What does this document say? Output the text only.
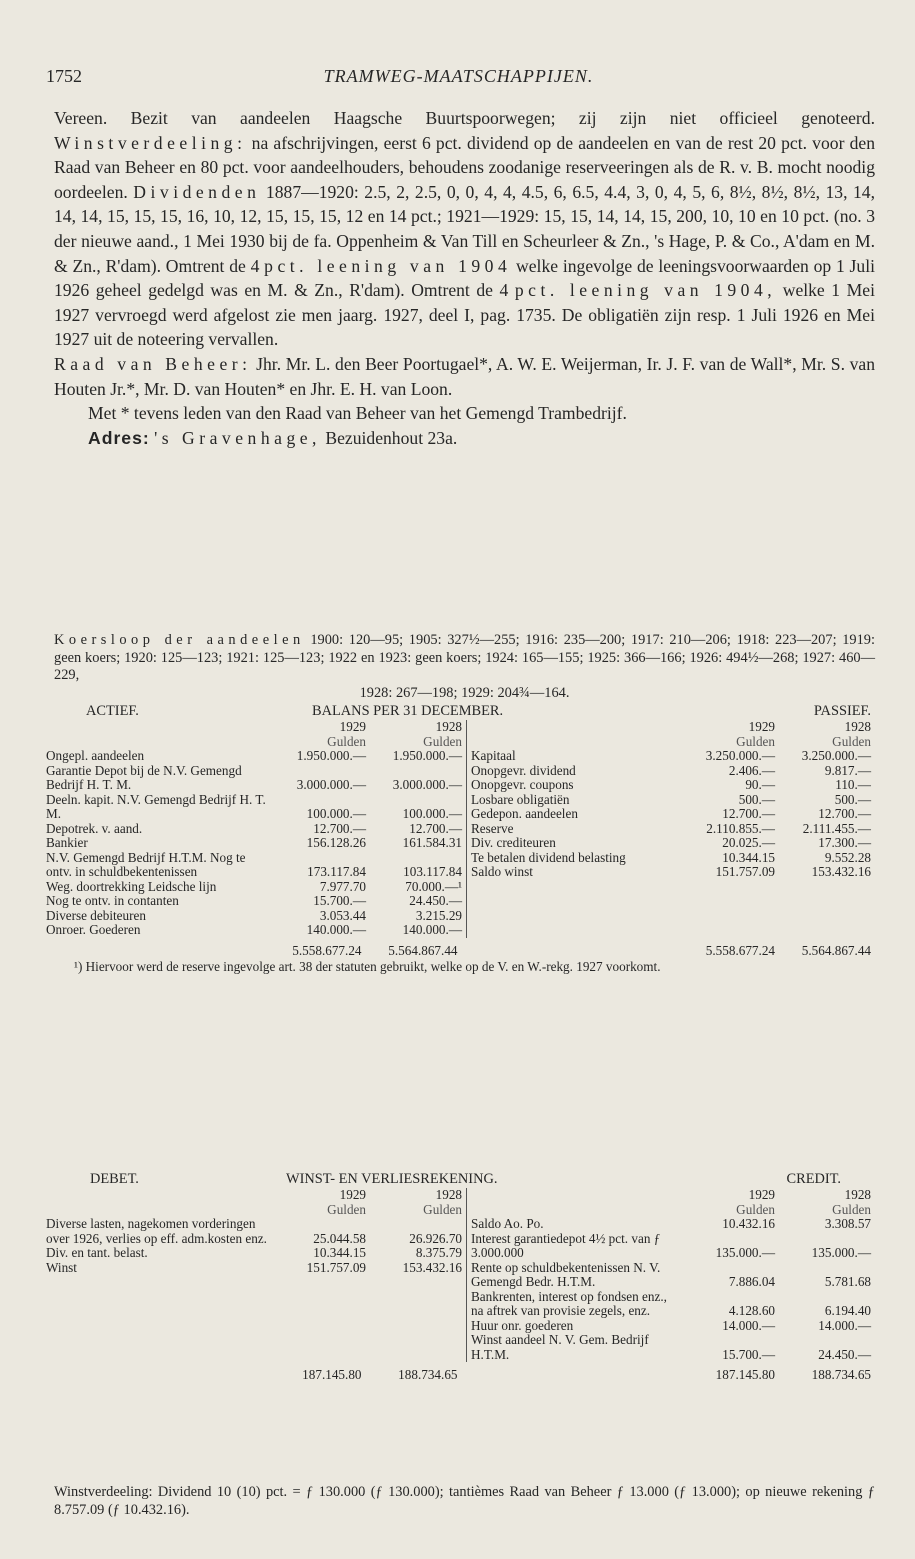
1752	TRAMWEG-MAATSCHAPPIJEN.

Vereen. Bezit van aandeelen Haagsche Buurtspoorwegen; zij zijn niet officieel genoteerd. Winstverdeeling: na afschrijvingen, eerst 6 pct. dividend op de aandeelen en van de rest 20 pct. voor den Raad van Beheer en 80 pct. voor aandeelhouders, behoudens zoodanige reserveeringen als de R. v. B. mocht noodig oordeelen. Dividenden 1887—1920: 2.5, 2, 2.5, 0, 0, 4, 4, 4.5, 6, 6.5, 4.4, 3, 0, 4, 5, 6, 8½, 8½, 8½, 13, 14, 14, 14, 15, 15, 15, 16, 10, 12, 15, 15, 15, 12 en 14 pct.; 1921—1929: 15, 15, 14, 14, 15, 200, 10, 10 en 10 pct. (no. 3 der nieuwe aand., 1 Mei 1930 bij de fa. Oppenheim & Van Till en Scheurleer & Zn., 's Hage, P. & Co., A'dam en M. & Zn., R'dam). Omtrent de 4 pct. leening van 1904 welke ingevolge de leeningsvoorwaarden op 1 Juli 1926 geheel gedelgd was en M. & Zn., R'dam). Omtrent de 4 pct. leening van 1904, welke 1 Mei 1927 vervroegd werd afgelost zie men jaarg. 1927, deel I, pag. 1735. De obligatiën zijn resp. 1 Juli 1926 en Mei 1927 uit de noteering vervallen.

Raad van Beheer: Jhr. Mr. L. den Beer Poortugael*, A. W. E. Weijerman, Ir. J. F. van de Wall*, Mr. S. van Houten Jr.*, Mr. D. van Houten* en Jhr. E. H. van Loon.

Met * tevens leden van den Raad van Beheer van het Gemengd Trambedrijf.

Adres: 's Gravenhage, Bezuidenhout 23a.

Koersloop der aandeelen 1900: 120—95; 1905: 327½—255; 1916: 235—200; 1917: 210—206; 1918: 223—207; 1919: geen koers; 1920: 125—123; 1921: 125—123; 1922 en 1923: geen koers; 1924: 165—155; 1925: 366—166; 1926: 494½—268; 1927: 460—229,

1928: 267—198; 1929: 204¾—164.

ACTIEF.	BALANS PER 31 DECEMBER.	PASSIEF.
1929	1928
Gulden	Gulden
Ongepl. aandeelen	1.950.000.—	1.950.000.—
Garantie Depot bij de N.V. Gemengd Bedrijf H. T. M.	3.000.000.—	3.000.000.—
Deeln. kapit. N.V. Gemengd Bedrijf H. T. M.	100.000.—	100.000.—
Depotrek. v. aand.	12.700.—	12.700.—
Bankier	156.128.26	161.584.31
N.V. Gemengd Bedrijf H.T.M. Nog te ontv. in schuldbekentenissen	173.117.84	103.117.84
Weg. doortrekking Leidsche lijn	7.977.70	70.000.—¹
Nog te ontv. in contanten	15.700.—	24.450.—
Diverse debiteuren	3.053.44	3.215.29
Onroer. Goederen	140.000.—	140.000.—
1929	1928
Gulden	Gulden
Kapitaal	3.250.000.—	3.250.000.—
Onopgevr. dividend	2.406.—	9.817.—
Onopgevr. coupons	90.—	110.—
Losbare obligatiën	500.—	500.—
Gedepon. aandeelen	12.700.—	12.700.—
Reserve	2.110.855.—	2.111.455.—
Div. crediteuren	20.025.—	17.300.—
Te betalen dividend belasting	10.344.15	9.552.28
Saldo winst	151.757.09	153.432.16
5.558.677.24	5.564.867.44	5.558.677.24	5.564.867.44

¹) Hiervoor werd de reserve ingevolge art. 38 der statuten gebruikt, welke op de V. en W.-rekg. 1927 voorkomt.

DEBET.	WINST- EN VERLIESREKENING.	CREDIT.
1929	1928
Gulden	Gulden
Diverse lasten, nagekomen vorderingen over 1926, verlies op eff. adm.kosten enz.	25.044.58	26.926.70
Div. en tant. belast.	10.344.15	8.375.79
Winst	151.757.09	153.432.16
1929	1928
Gulden	Gulden
Saldo Ao. Po.	10.432.16	3.308.57
Interest garantiedepot 4½ pct. van ƒ 3.000.000	135.000.—	135.000.—
Rente op schuldbekentenissen N. V. Gemengd Bedr. H.T.M.	7.886.04	5.781.68
Bankrenten, interest op fondsen enz., na aftrek van provisie zegels, enz.	4.128.60	6.194.40
Huur onr. goederen	14.000.—	14.000.—
Winst aandeel N. V. Gem. Bedrijf H.T.M.	15.700.—	24.450.—
187.145.80	188.734.65	187.145.80	188.734.65

Winstverdeeling: Dividend 10 (10) pct. = ƒ 130.000 (ƒ 130.000); tantièmes Raad van Beheer ƒ 13.000 (ƒ 13.000); op nieuwe rekening ƒ 8.757.09 (ƒ 10.432.16).
